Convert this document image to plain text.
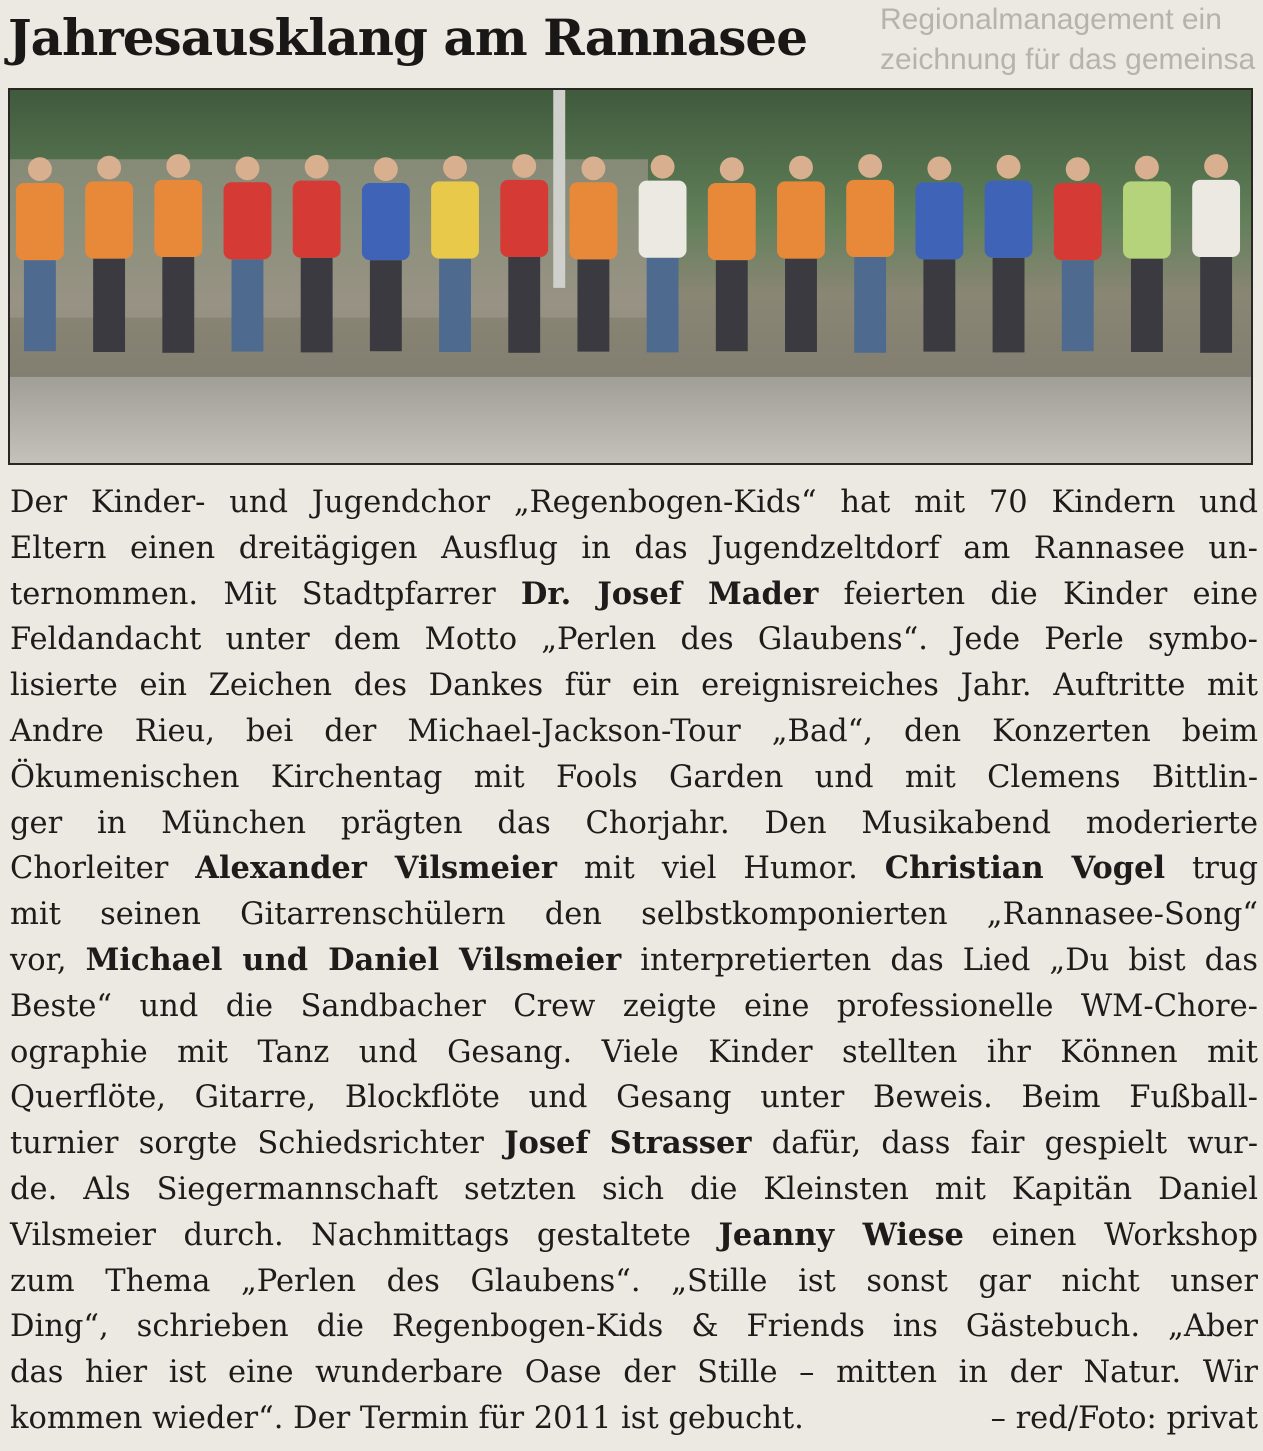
Regionalmanagement ein
zeichnung für das gemeinsa
Jahresausklang am Rannasee
Der Kinder- und Jugendchor „Regenbogen-Kids“ hat mit 70 Kindern und
Eltern einen dreitägigen Ausflug in das Jugendzeltdorf am Rannasee un-
ternommen. Mit Stadtpfarrer Dr. Josef Mader feierten die Kinder eine
Feldandacht unter dem Motto „Perlen des Glaubens“. Jede Perle symbo-
lisierte ein Zeichen des Dankes für ein ereignisreiches Jahr. Auftritte mit
Andre Rieu, bei der Michael-Jackson-Tour „Bad“, den Konzerten beim
Ökumenischen Kirchentag mit Fools Garden und mit Clemens Bittlin-
ger in München prägten das Chorjahr. Den Musikabend moderierte
Chorleiter Alexander Vilsmeier mit viel Humor. Christian Vogel trug
mit seinen Gitarrenschülern den selbstkomponierten „Rannasee-Song“
vor, Michael und Daniel Vilsmeier interpretierten das Lied „Du bist das
Beste“ und die Sandbacher Crew zeigte eine professionelle WM-Chore-
ographie mit Tanz und Gesang. Viele Kinder stellten ihr Können mit
Querflöte, Gitarre, Blockflöte und Gesang unter Beweis. Beim Fußball-
turnier sorgte Schiedsrichter Josef Strasser dafür, dass fair gespielt wur-
de. Als Siegermannschaft setzten sich die Kleinsten mit Kapitän Daniel
Vilsmeier durch. Nachmittags gestaltete Jeanny Wiese einen Workshop
zum Thema „Perlen des Glaubens“. „Stille ist sonst gar nicht unser
Ding“, schrieben die Regenbogen-Kids & Friends ins Gästebuch. „Aber
das hier ist eine wunderbare Oase der Stille – mitten in der Natur. Wir
kommen wieder“. Der Termin für 2011 ist gebucht.	– red/Foto: privat
